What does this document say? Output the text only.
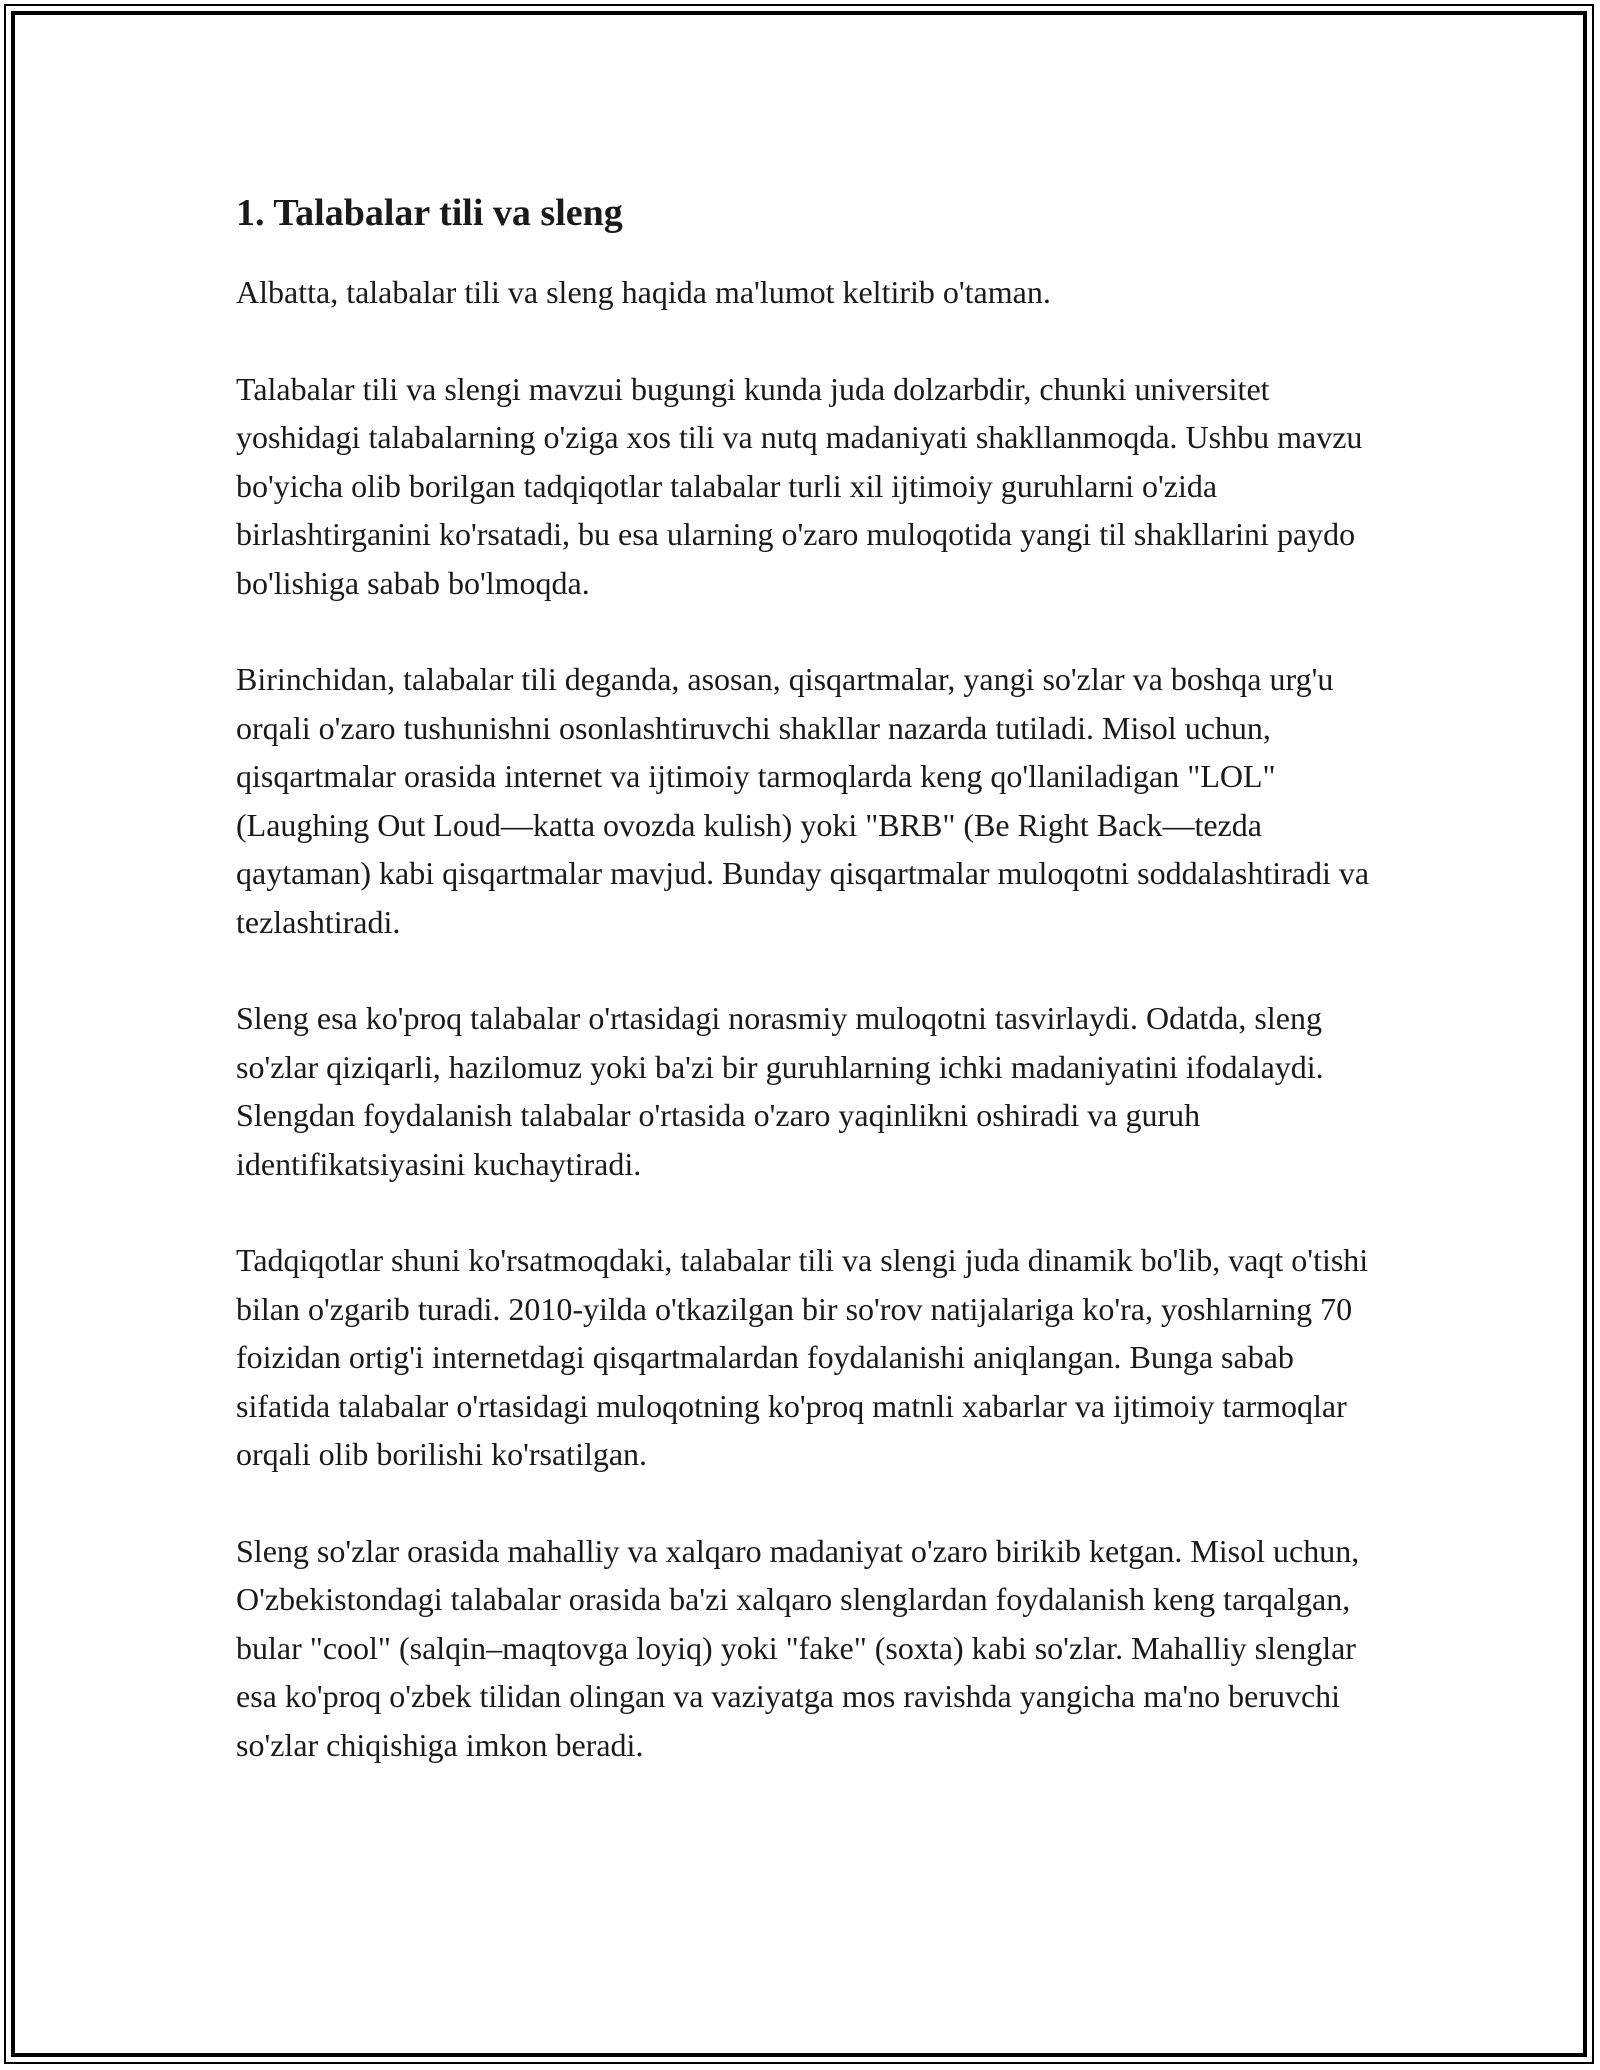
1. Talabalar tili va sleng

Albatta, talabalar tili va sleng haqida ma'lumot keltirib o'taman.

Talabalar tili va slengi mavzui bugungi kunda juda dolzarbdir, chunki universitet yoshidagi talabalarning o'ziga xos tili va nutq madaniyati shakllanmoqda. Ushbu mavzu bo'yicha olib borilgan tadqiqotlar talabalar turli xil ijtimoiy guruhlarni o'zida birlashtirganini ko'rsatadi, bu esa ularning o'zaro muloqotida yangi til shakllarini paydo bo'lishiga sabab bo'lmoqda.

Birinchidan, talabalar tili deganda, asosan, qisqartmalar, yangi so'zlar va boshqa urg'u orqali o'zaro tushunishni osonlashtiruvchi shakllar nazarda tutiladi. Misol uchun, qisqartmalar orasida internet va ijtimoiy tarmoqlarda keng qo'llaniladigan "LOL" (Laughing Out Loud—katta ovozda kulish) yoki "BRB" (Be Right Back—tezda qaytaman) kabi qisqartmalar mavjud. Bunday qisqartmalar muloqotni soddalashtiradi va tezlashtiradi.

Sleng esa ko'proq talabalar o'rtasidagi norasmiy muloqotni tasvirlaydi. Odatda, sleng so'zlar qiziqarli, hazilomuz yoki ba'zi bir guruhlarning ichki madaniyatini ifodalaydi. Slengdan foydalanish talabalar o'rtasida o'zaro yaqinlikni oshiradi va guruh identifikatsiyasini kuchaytiradi.

Tadqiqotlar shuni ko'rsatmoqdaki, talabalar tili va slengi juda dinamik bo'lib, vaqt o'tishi bilan o'zgarib turadi. 2010-yilda o'tkazilgan bir so'rov natijalariga ko'ra, yoshlarning 70 foizidan ortig'i internetdagi qisqartmalardan foydalanishi aniqlangan. Bunga sabab sifatida talabalar o'rtasidagi muloqotning ko'proq matnli xabarlar va ijtimoiy tarmoqlar orqali olib borilishi ko'rsatilgan.

Sleng so'zlar orasida mahalliy va xalqaro madaniyat o'zaro birikib ketgan. Misol uchun, O'zbekistondagi talabalar orasida ba'zi xalqaro slenglardan foydalanish keng tarqalgan, bular "cool" (salqin–maqtovga loyiq) yoki "fake" (soxta) kabi so'zlar. Mahalliy slenglar esa ko'proq o'zbek tilidan olingan va vaziyatga mos ravishda yangicha ma'no beruvchi so'zlar chiqishiga imkon beradi.
